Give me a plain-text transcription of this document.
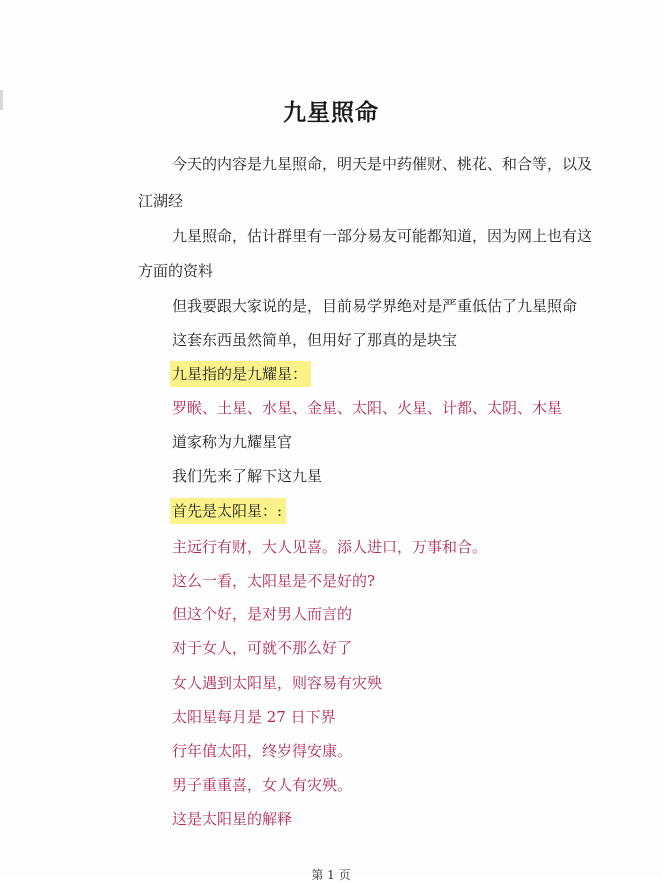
九星照命
今天的内容是九星照命，明天是中药催财、桃花、和合等，以及
江湖经
九星照命，估计群里有一部分易友可能都知道，因为网上也有这
方面的资料
但我要跟大家说的是，目前易学界绝对是严重低估了九星照命
这套东西虽然简单，但用好了那真的是块宝
九星指的是九耀星：
罗睺、土星、水星、金星、太阳、火星、计都、太阴、木星
道家称为九耀星官
我们先来了解下这九星
首先是太阳星：:
主远行有财，大人见喜。添人进口，万事和合。
这么一看，太阳星是不是好的?
但这个好，是对男人而言的
对于女人，可就不那么好了
女人遇到太阳星，则容易有灾殃
太阳星每月是 27 日下界
行年值太阳，终岁得安康。
男子重重喜，女人有灾殃。
这是太阳星的解释
第 1 页
